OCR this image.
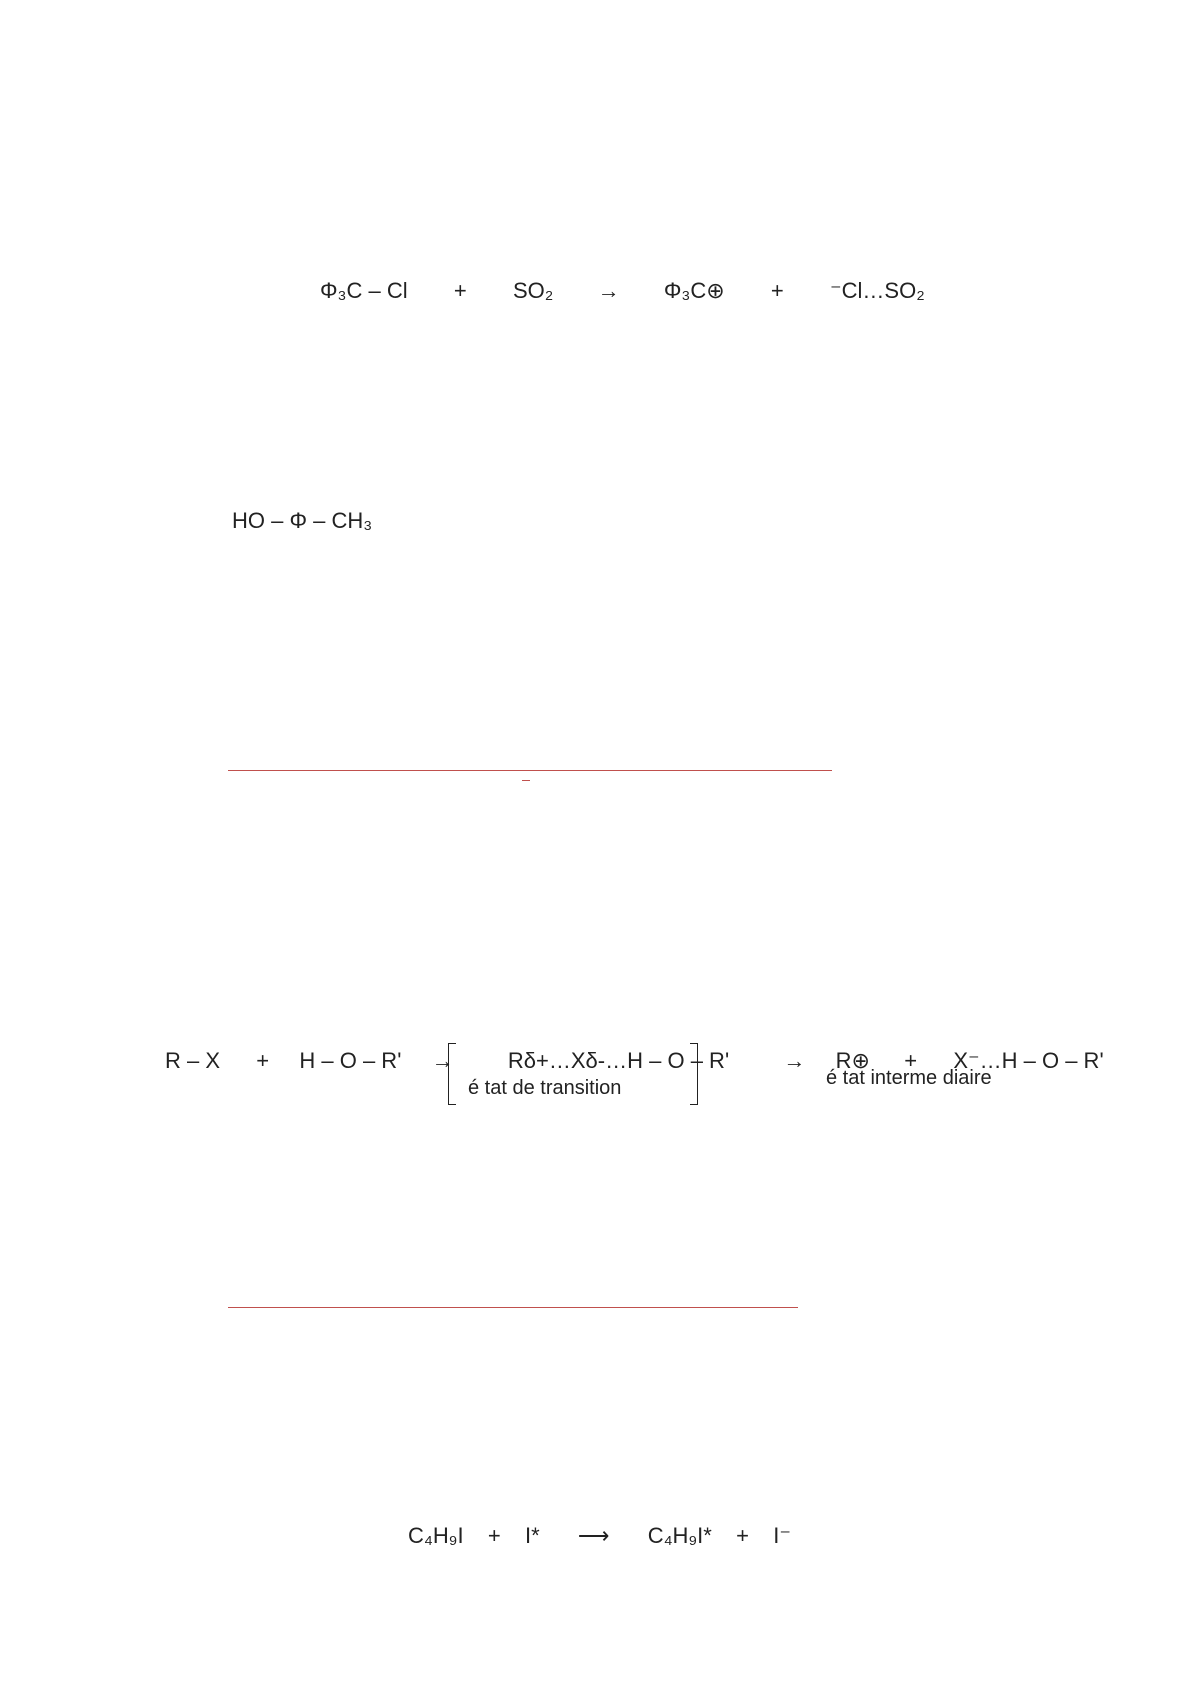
Φ₃C – Cl + SO₂ → Φ₃C⊕ + ⁻Cl…SO₂
HO – Φ – CH₃
R – X + H – O – R' → Rδ+…Xδ-…H – O – R' → R⊕ + X⁻…H – O – R'
é tat de transition	é tat interme diaire
C₄H₉I + I* ⟶ C₄H₉I* + I⁻
